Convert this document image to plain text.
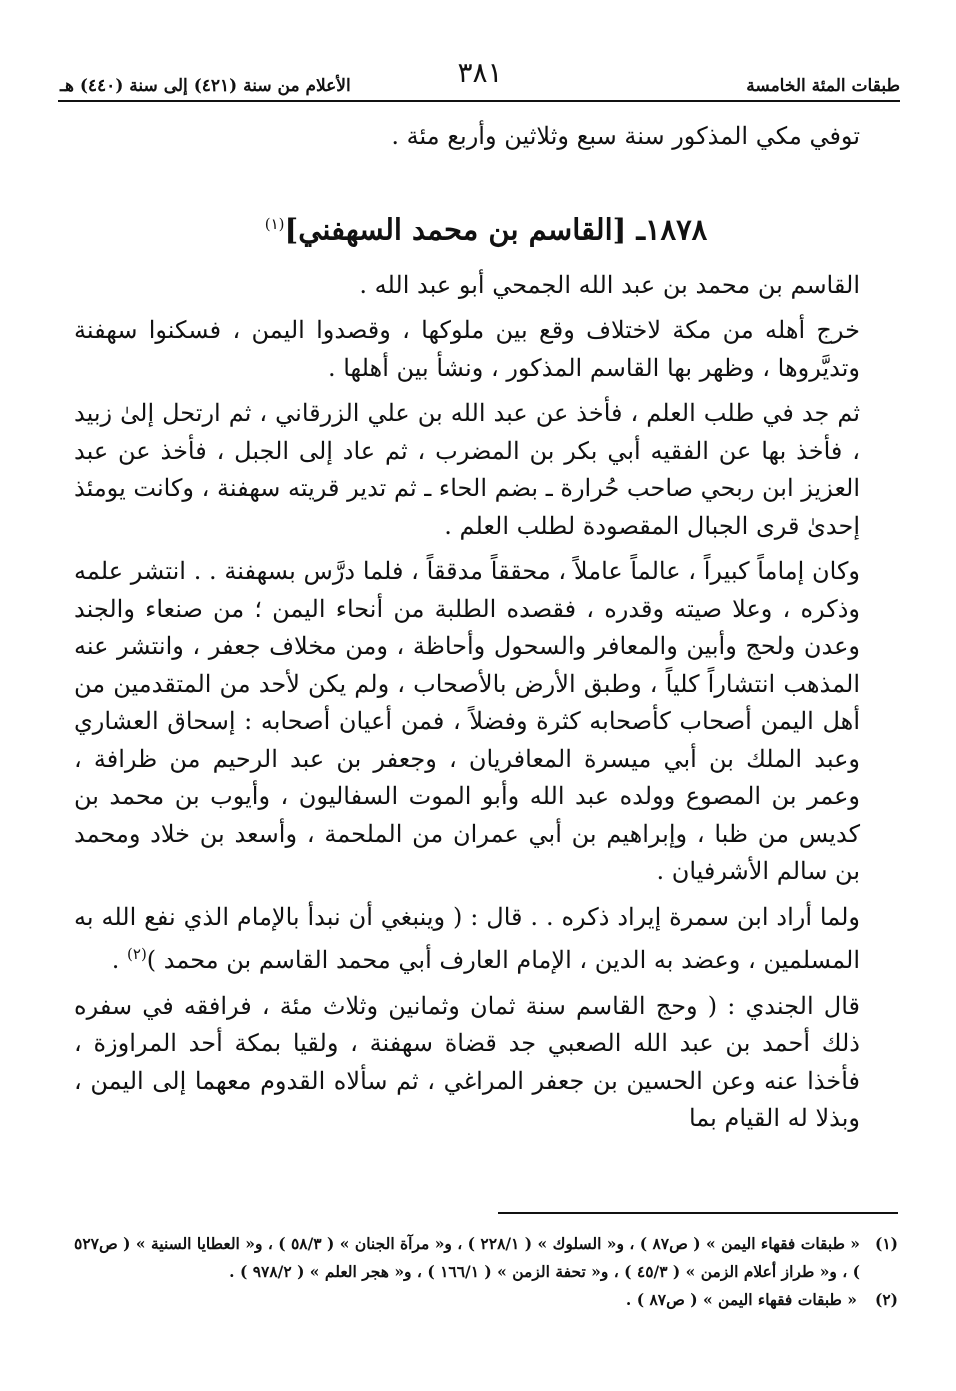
طبقات المئة الخامسة
٣٨١
الأعلام من سنة (٤٢١) إلى سنة (٤٤٠) هـ

توفي مكي المذكور سنة سبع وثلاثين وأربع مئة .

١٨٧٨ـ [القاسم بن محمد السهفني]$^{(١)}$

القاسم بن محمد بن عبد الله الجمحي أبو عبد الله .

خرج أهله من مكة لاختلاف وقع بين ملوكها ، وقصدوا اليمن ، فسكنوا سهفنة وتديَّروها ، وظهر بها القاسم المذكور ، ونشأ بين أهلها .

ثم جد في طلب العلم ، فأخذ عن عبد الله بن علي الزرقاني ، ثم ارتحل إلىٰ زبيد ، فأخذ بها عن الفقيه أبي بكر بن المضرب ، ثم عاد إلى الجبل ، فأخذ عن عبد العزيز ابن ربحي صاحب حُرارة ـ بضم الحاء ـ ثم تدير قريته سهفنة ، وكانت يومئذ إحدىٰ قرى الجبال المقصودة لطلب العلم .

وكان إماماً كبيراً ، عالماً عاملاً ، محققاً مدققاً ، فلما درَّس بسهفنة . . انتشر علمه وذكره ، وعلا صيته وقدره ، فقصده الطلبة من أنحاء اليمن ؛ من صنعاء والجند وعدن ولحج وأبين والمعافر والسحول وأحاظة ، ومن مخلاف جعفر ، وانتشر عنه المذهب انتشاراً كلياً ، وطبق الأرض بالأصحاب ، ولم يكن لأحد من المتقدمين من أهل اليمن أصحاب كأصحابه كثرة وفضلاً ، فمن أعيان أصحابه : إسحاق العشاري وعبد الملك بن أبي ميسرة المعافريان ، وجعفر بن عبد الرحيم من ظرافة ، وعمر بن المصوع وولده عبد الله وأبو الموت السفاليون ، وأيوب بن محمد بن كديس من ظبا ، وإبراهيم بن أبي عمران من الملحمة ، وأسعد بن خلاد ومحمد بن سالم الأشرفيان .

ولما أراد ابن سمرة إيراد ذكره . . قال : ( وينبغي أن نبدأ بالإمام الذي نفع الله به المسلمين ، وعضد به الدين ، الإمام العارف أبي محمد القاسم بن محمد )$^{(٢)}$ .

قال الجندي : ( وحج القاسم سنة ثمان وثمانين وثلاث مئة ، فرافقه في سفره ذلك أحمد بن عبد الله الصعبي جد قضاة سهفنة ، ولقيا بمكة أحد المراوزة ، فأخذا عنه وعن الحسين بن جعفر المراغي ، ثم سألاه القدوم معهما إلى اليمن ، وبذلا له القيام بما

(١)
« طبقات فقهاء اليمن » ( ص٨٧ ) ، و« السلوك » ( ٢٢٨/١ ) ، و« مرآة الجنان » ( ٥٨/٣ ) ، و« العطايا السنية » ( ص٥٢٧ ) ، و« طراز أعلام الزمن » ( ٤٥/٣ ) ، و« تحفة الزمن » ( ١٦٦/١ ) ، و« هجر العلم » ( ٩٧٨/٢ ) .
(٢)
« طبقات فقهاء اليمن » ( ص٨٧ ) .
